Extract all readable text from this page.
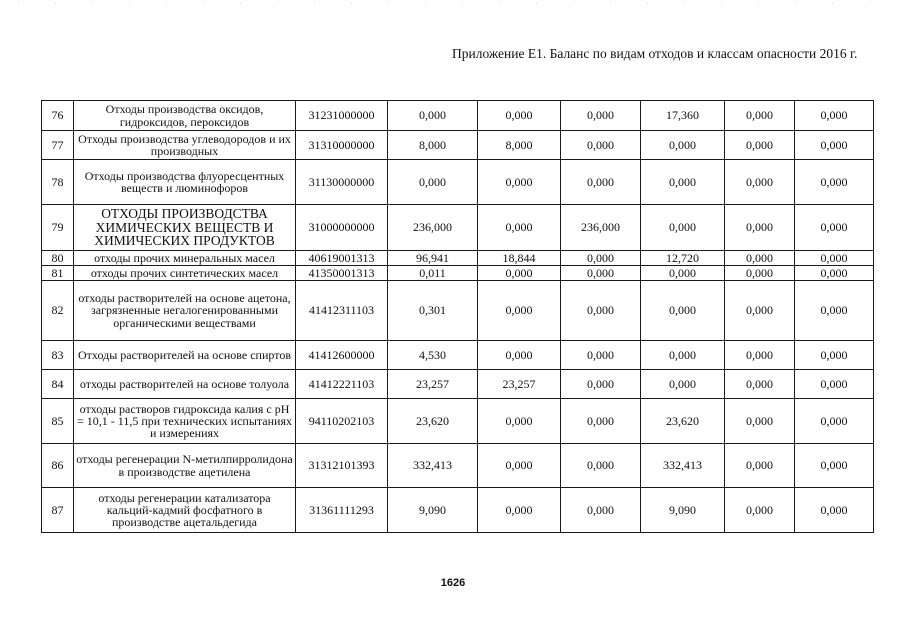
Приложение Е1. Баланс по видам отходов и классам опасности 2016 г.
76	Отходы производства оксидов, гидроксидов, пероксидов	31231000000	0,000	0,000	0,000	17,360	0,000	0,000
77	Отходы производства углеводородов и их производных	31310000000	8,000	8,000	0,000	0,000	0,000	0,000
78	Отходы производства флуоресцентных веществ и люминофоров	31130000000	0,000	0,000	0,000	0,000	0,000	0,000
79	ОТХОДЫ ПРОИЗВОДСТВА ХИМИЧЕСКИХ ВЕЩЕСТВ И ХИМИЧЕСКИХ ПРОДУКТОВ	31000000000	236,000	0,000	236,000	0,000	0,000	0,000
80	отходы прочих минеральных масел	40619001313	96,941	18,844	0,000	12,720	0,000	0,000
81	отходы прочих синтетических масел	41350001313	0,011	0,000	0,000	0,000	0,000	0,000
82	отходы растворителей на основе ацетона, загрязненные негалогенированными органическими веществами	41412311103	0,301	0,000	0,000	0,000	0,000	0,000
83	Отходы растворителей на основе спиртов	41412600000	4,530	0,000	0,000	0,000	0,000	0,000
84	отходы растворителей на основе толуола	41412221103	23,257	23,257	0,000	0,000	0,000	0,000
85	отходы растворов гидроксида калия с pH = 10,1 - 11,5 при технических испытаниях и измерениях	94110202103	23,620	0,000	0,000	23,620	0,000	0,000
86	отходы регенерации N-метилпирролидона в производстве ацетилена	31312101393	332,413	0,000	0,000	332,413	0,000	0,000
87	отходы регенерации катализатора кальций-кадмий фосфатного в производстве ацетальдегида	31361111293	9,090	0,000	0,000	9,090	0,000	0,000
1626
